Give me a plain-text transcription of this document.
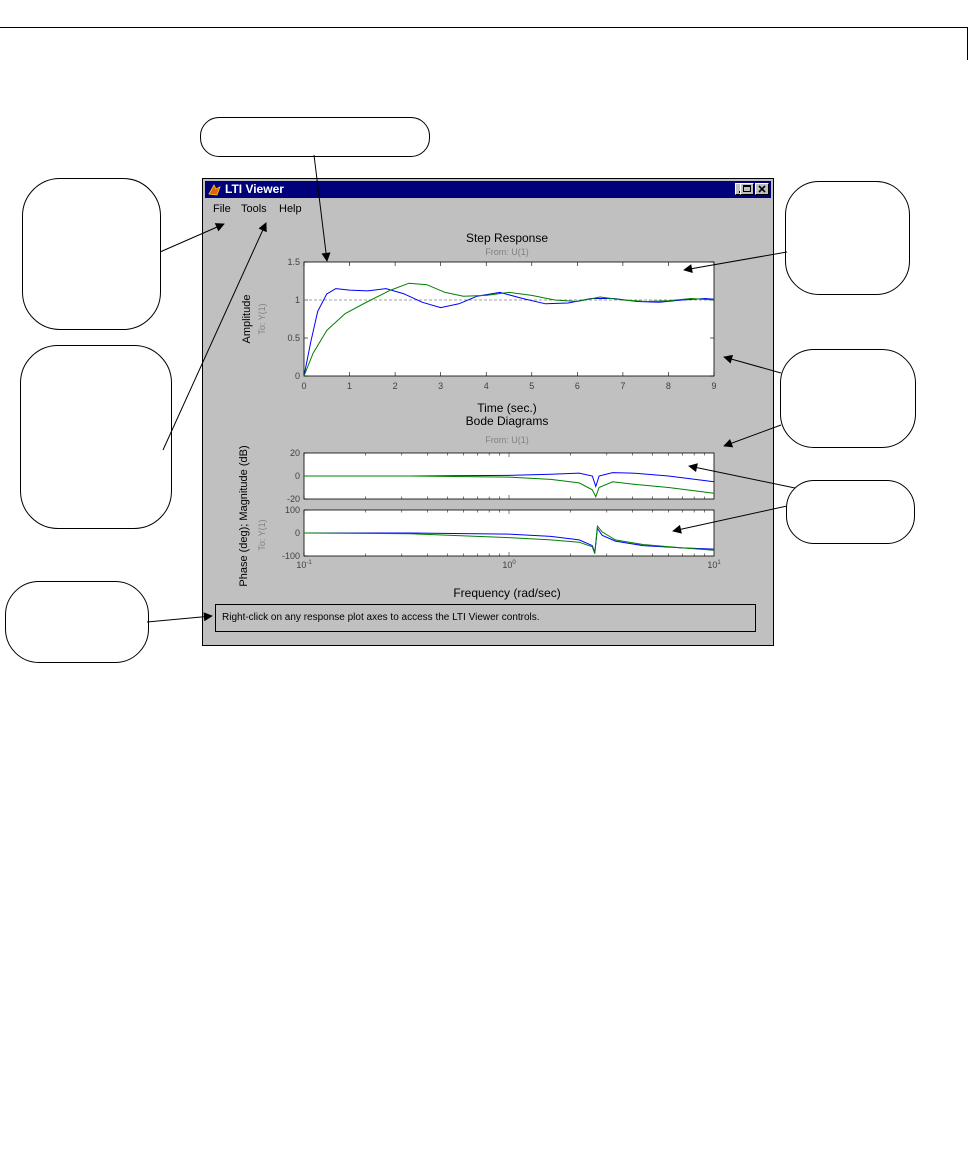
LTI Viewer
File Tools Help
Step Response
From: U(1)
0	1	2	3	4	5	6	7	8	9
1.5
1
0.5
0
Amplitude To: Y(1)
Time (sec.)
Bode Diagrams
From: U(1)
$10^{-1}$	$10^0$	$10^1$
20
0
-20
100
0
-100
Phase (deg); Magnitude (dB) To: Y(1)
Frequency (rad/sec)
Right-click on any response plot axes to access the LTI Viewer controls.
